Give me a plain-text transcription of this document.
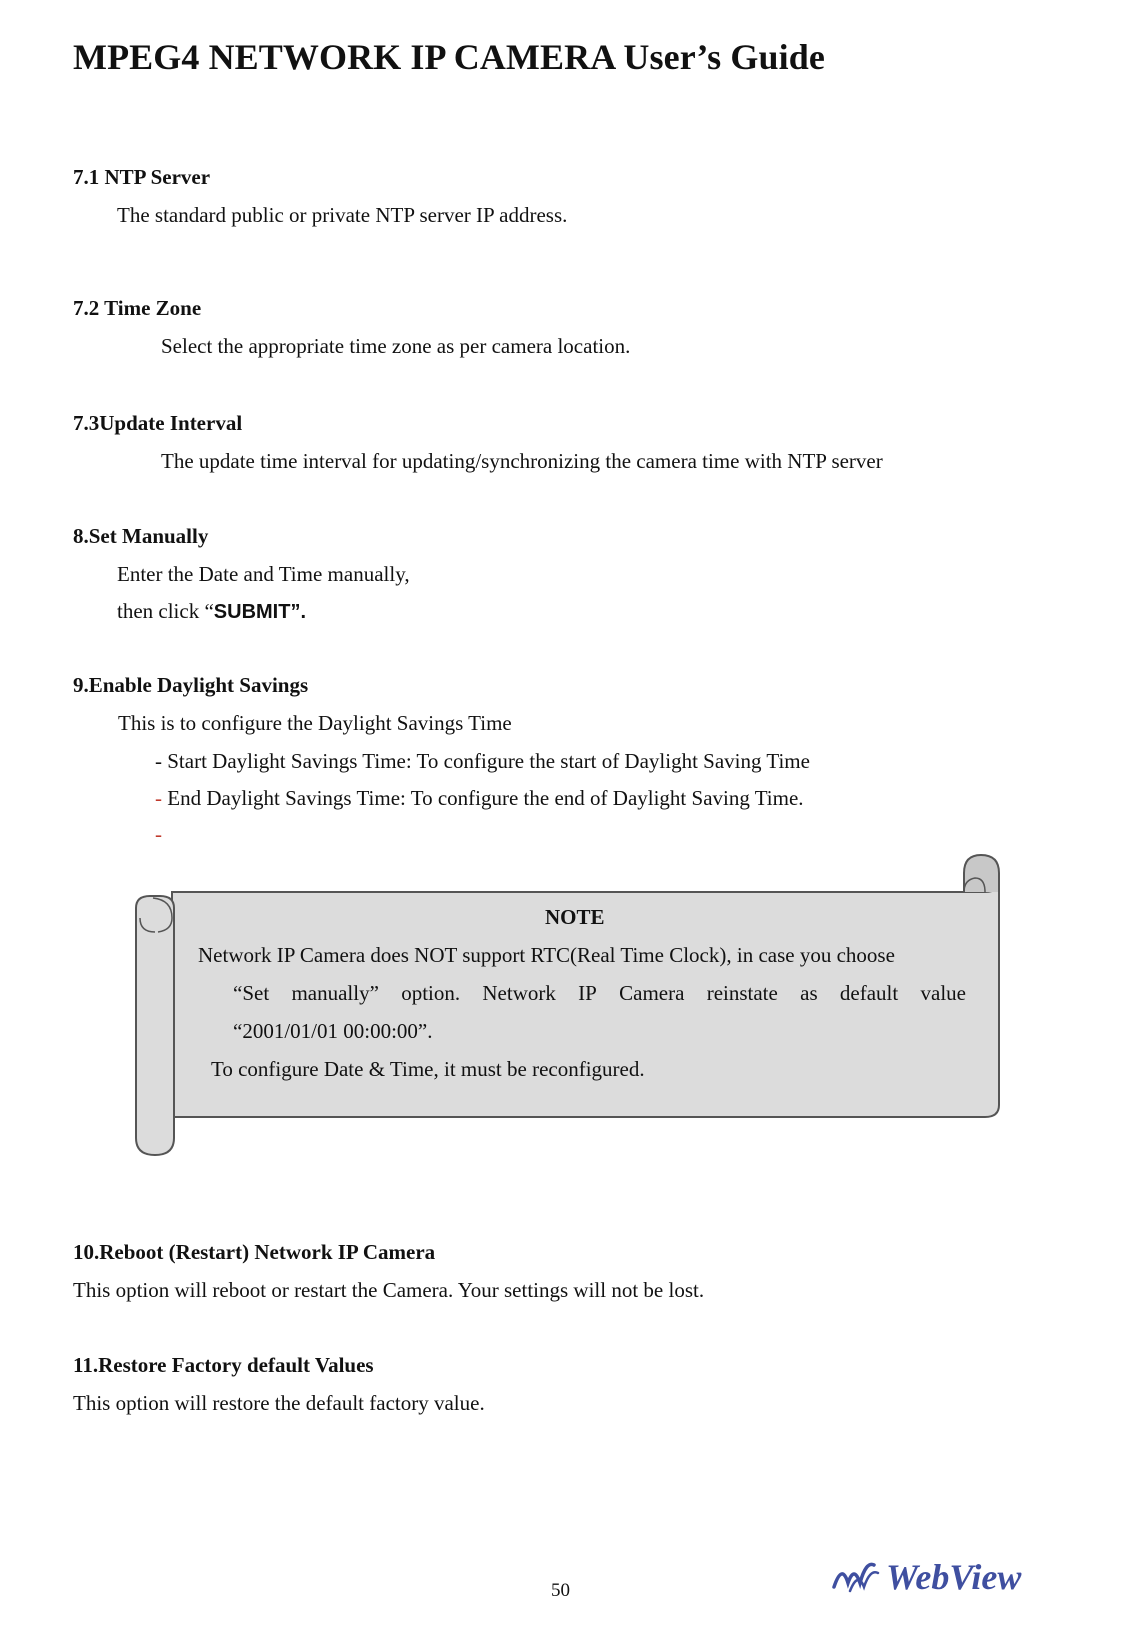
MPEG4 NETWORK IP CAMERA User’s Guide
7.1 NTP Server
The standard public or private NTP server IP address.
7.2 Time Zone
Select the appropriate time zone as per camera location.
7.3Update Interval
The update time interval for updating/synchronizing the camera time with NTP server
8.Set Manually
Enter the Date and Time manually,
then click “SUBMIT”.
9.Enable Daylight Savings
This is to configure the Daylight Savings Time
- Start Daylight Savings Time: To configure the start of Daylight Saving Time
- End Daylight Savings Time: To configure the end of Daylight Saving Time.
-
NOTE
Network IP Camera does NOT support RTC(Real Time Clock), in case you choose
“Set manually” option. Network IP Camera reinstate as default value
“2001/01/01 00:00:00”.
To configure Date & Time, it must be reconfigured.
10.Reboot (Restart) Network IP Camera
This option will reboot or restart the Camera. Your settings will not be lost.
11.Restore Factory default Values
This option will restore the default factory value.
50	WebView
